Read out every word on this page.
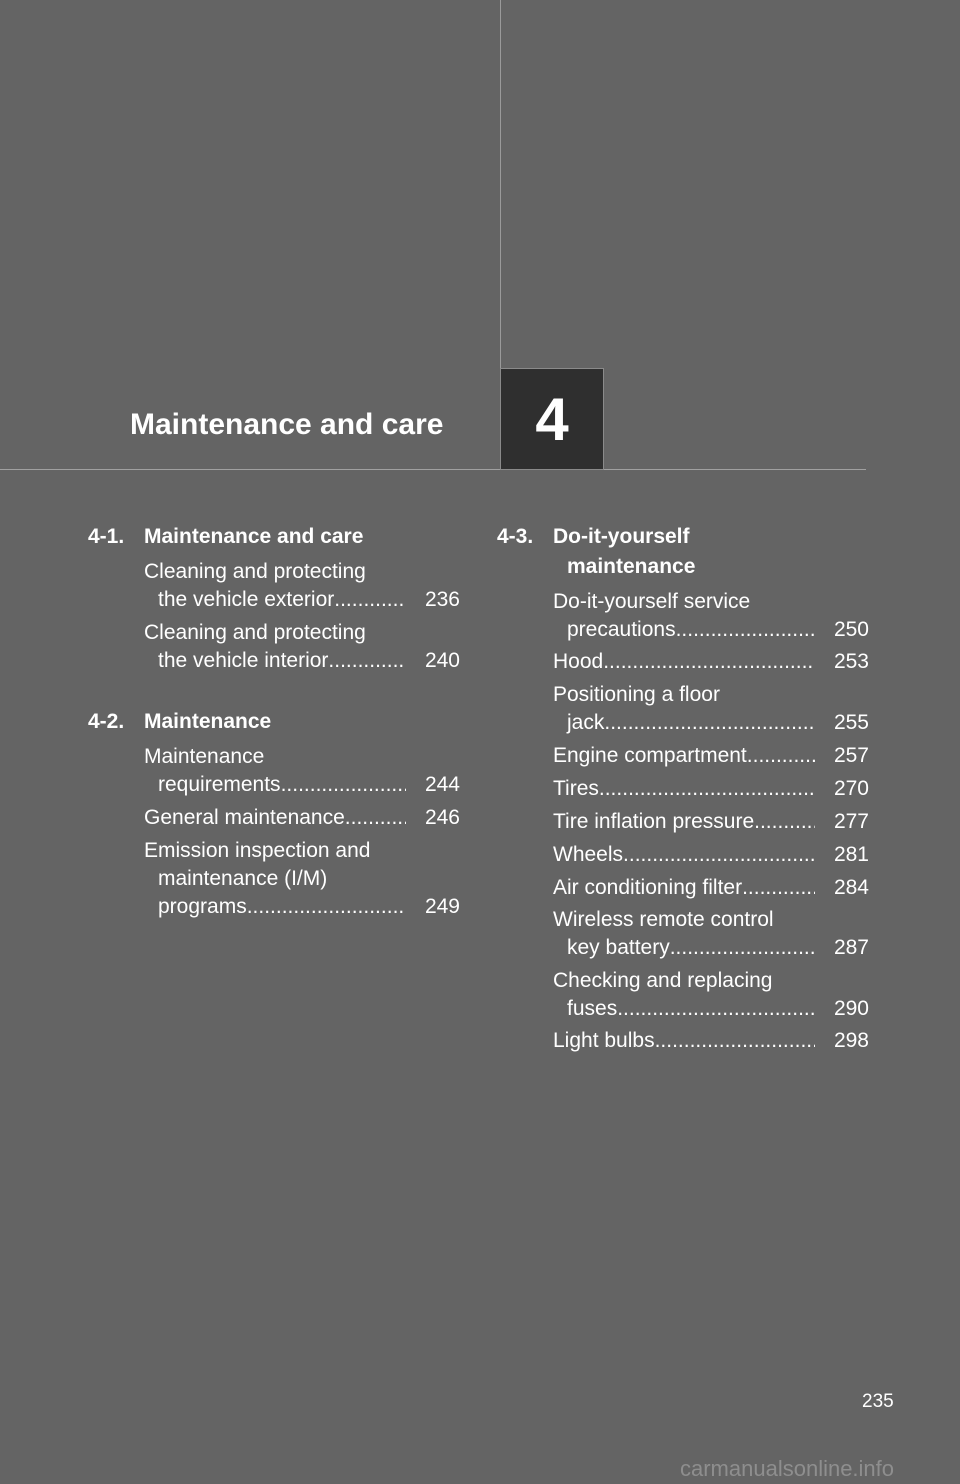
Maintenance and care	4
4-1. Maintenance and care
Cleaning and protecting
the vehicle exterior .....	236
Cleaning and protecting
the vehicle interior .....	240
4-2. Maintenance
Maintenance
requirements .....	244
General maintenance .....	246
Emission inspection and
maintenance (I/M)
programs .....	249
4-3. Do-it-yourself
maintenance
Do-it-yourself service
precautions .....	250
Hood .....	253
Positioning a floor
jack .....	255
Engine compartment .....	257
Tires .....	270
Tire inflation pressure .....	277
Wheels .....	281
Air conditioning filter .....	284
Wireless remote control
key battery .....	287
Checking and replacing
fuses .....	290
Light bulbs .....	298
235
carmanualsonline.info
